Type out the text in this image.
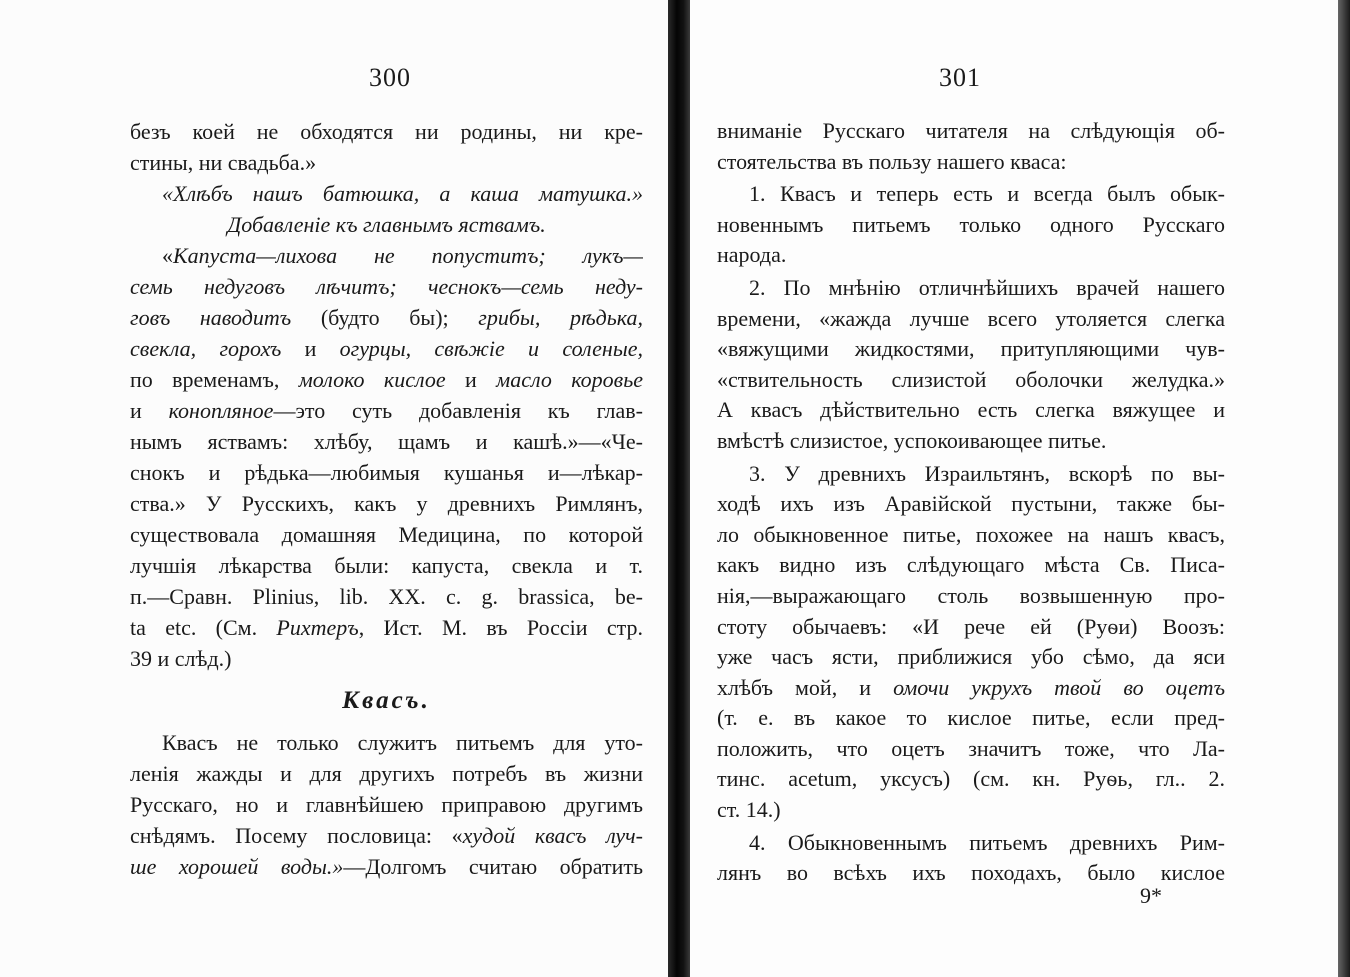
300
безъ коей не обходятся ни родины, ни кре-
стины, ни свадьба.»
«Хлѣбъ нашъ батюшка, а каша матушка.»
Добавленіе къ главнымъ яствамъ.
«Капуста—лихова не попуститъ; лукъ—
семь недуговъ лѣчитъ; чеснокъ—семь неду-
говъ наводитъ (будто бы); грибы, рѣдька,
свекла, горохъ и огурцы, свѣжіе и соленые,
по временамъ, молоко кислое и масло коровье
и конопляное—это суть добавленія къ глав-
нымъ яствамъ: хлѣбу, щамъ и кашѣ.»—«Че-
снокъ и рѣдька—любимыя кушанья и—лѣкар-
ства.» У Русскихъ, какъ у древнихъ Римлянъ,
существовала домашняя Медицина, по которой
лучшія лѣкарства были: капуста, свекла и т.
п.—Сравн. Plinius, lib. XX. c. g. brassica, be-
ta etc. (См. Рихтеръ, Ист. М. въ Россіи стр.
39 и слѣд.)
Квасъ.
Квасъ не только служитъ питьемъ для уто-
ленія жажды и для другихъ потребъ въ жизни
Русскаго, но и главнѣйшею приправою другимъ
снѣдямъ. Посему пословица: «худой квасъ луч-
ше хорошей воды.»—Долгомъ считаю обратить
301
вниманіе Русскаго читателя на слѣдующія об-
стоятельства въ пользу нашего кваса:
1. Квасъ и теперь есть и всегда былъ обык-
новеннымъ питьемъ только одного Русскаго
народа.
2. По мнѣнію отличнѣйшихъ врачей нашего
времени, «жажда лучше всего утоляется слегка
«вяжущими жидкостями, притупляющими чув-
«ствительность слизистой оболочки желудка.»
А квасъ дѣйствительно есть слегка вяжущее и
вмѣстѣ слизистое, успокоивающее питье.
3. У древнихъ Израильтянъ, вскорѣ по вы-
ходѣ ихъ изъ Аравійской пустыни, также бы-
ло обыкновенное питье, похожее на нашъ квасъ,
какъ видно изъ слѣдующаго мѣста Св. Писа-
нія,—выражающаго столь возвышенную про-
стоту обычаевъ: «И рече ей (Руѳи) Воозъ:
уже часъ ясти, приближися убо сѣмо, да яси
хлѣбъ мой, и омочи укрухъ твой во оцетъ
(т. е. въ какое то кислое питье, если пред-
положить, что оцетъ значитъ тоже, что Ла-
тинс. acetum, уксусъ) (см. кн. Руѳь, гл.. 2.
ст. 14.)
4. Обыкновеннымъ питьемъ древнихъ Рим-
лянъ во всѣхъ ихъ походахъ, было кислое
9*
